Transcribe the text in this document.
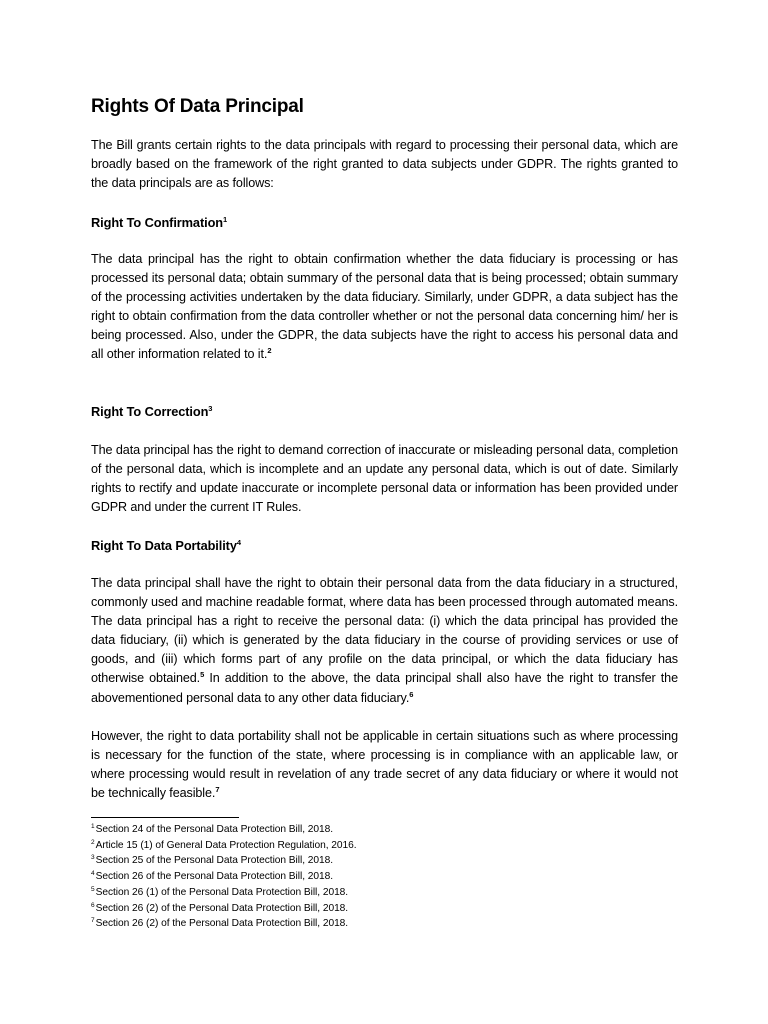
Rights Of Data Principal

The Bill grants certain rights to the data principals with regard to processing their personal data, which are broadly based on the framework of the right granted to data subjects under GDPR. The rights granted to the data principals are as follows:

Right To Confirmation$^1$

The data principal has the right to obtain confirmation whether the data fiduciary is processing or has processed its personal data; obtain summary of the personal data that is being processed; obtain summary of the processing activities undertaken by the data fiduciary. Similarly, under GDPR, a data subject has the right to obtain confirmation from the data controller whether or not the personal data concerning him/ her is being processed. Also, under the GDPR, the data subjects have the right to access his personal data and all other information related to it.$^2$

Right To Correction$^3$

The data principal has the right to demand correction of inaccurate or misleading personal data, completion of the personal data, which is incomplete and an update any personal data, which is out of date. Similarly rights to rectify and update inaccurate or incomplete personal data or information has been provided under GDPR and under the current IT Rules.

Right To Data Portability$^4$

The data principal shall have the right to obtain their personal data from the data fiduciary in a structured, commonly used and machine readable format, where data has been processed through automated means. The data principal has a right to receive the personal data: (i) which the data principal has provided the data fiduciary, (ii) which is generated by the data fiduciary in the course of providing services or use of goods, and (iii) which forms part of any profile on the data principal, or which the data fiduciary has otherwise obtained.$^5$ In addition to the above, the data principal shall also have the right to transfer the abovementioned personal data to any other data fiduciary.$^6$

However, the right to data portability shall not be applicable in certain situations such as where processing is necessary for the function of the state, where processing is in compliance with an applicable law, or where processing would result in revelation of any trade secret of any data fiduciary or where it would not be technically feasible.$^7$

$^1$Section 24 of the Personal Data Protection Bill, 2018.
$^2$Article 15 (1) of General Data Protection Regulation, 2016.
$^3$Section 25 of the Personal Data Protection Bill, 2018.
$^4$Section 26 of the Personal Data Protection Bill, 2018.
$^5$Section 26 (1) of the Personal Data Protection Bill, 2018.
$^6$Section 26 (2) of the Personal Data Protection Bill, 2018.
$^7$Section 26 (2) of the Personal Data Protection Bill, 2018.
